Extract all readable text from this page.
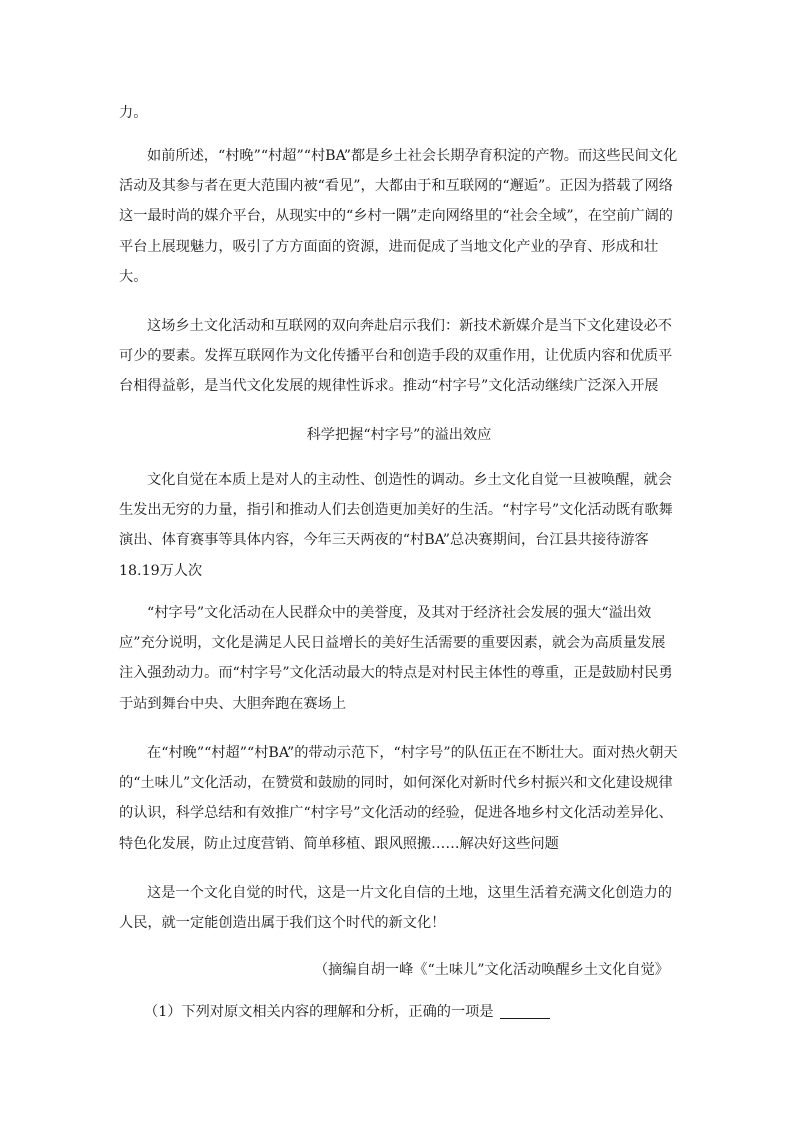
力。

如前所述，“村晚”“村超”“村BA”都是乡土社会长期孕育积淀的产物。而这些民间文化活动及其参与者在更大范围内被“看见”，大都由于和互联网的“邂逅”。正因为搭载了网络这一最时尚的媒介平台，从现实中的“乡村一隅”走向网络里的“社会全域”，在空前广阔的平台上展现魅力，吸引了方方面面的资源，进而促成了当地文化产业的孕育、形成和壮大。

这场乡土文化活动和互联网的双向奔赴启示我们：新技术新媒介是当下文化建设必不可少的要素。发挥互联网作为文化传播平台和创造手段的双重作用，让优质内容和优质平台相得益彰，是当代文化发展的规律性诉求。推动“村字号”文化活动继续广泛深入开展

科学把握“村字号”的溢出效应

文化自觉在本质上是对人的主动性、创造性的调动。乡土文化自觉一旦被唤醒，就会生发出无穷的力量，指引和推动人们去创造更加美好的生活。“村字号”文化活动既有歌舞演出、体育赛事等具体内容，今年三天两夜的“村BA”总决赛期间，台江县共接待游客18.19万人次

“村字号”文化活动在人民群众中的美誉度，及其对于经济社会发展的强大“溢出效应”充分说明，文化是满足人民日益增长的美好生活需要的重要因素，就会为高质量发展注入强劲动力。而“村字号”文化活动最大的特点是对村民主体性的尊重，正是鼓励村民勇于站到舞台中央、大胆奔跑在赛场上

在“村晚”“村超”“村BA”的带动示范下，“村字号”的队伍正在不断壮大。面对热火朝天的“土味儿”文化活动，在赞赏和鼓励的同时，如何深化对新时代乡村振兴和文化建设规律的认识，科学总结和有效推广“村字号”文化活动的经验，促进各地乡村文化活动差异化、特色化发展，防止过度营销、简单移植、跟风照搬……解决好这些问题

这是一个文化自觉的时代，这是一片文化自信的土地，这里生活着充满文化创造力的人民，就一定能创造出属于我们这个时代的新文化！

（摘编自胡一峰《“土味儿”文化活动唤醒乡土文化自觉》

（1）下列对原文相关内容的理解和分析，正确的一项是
